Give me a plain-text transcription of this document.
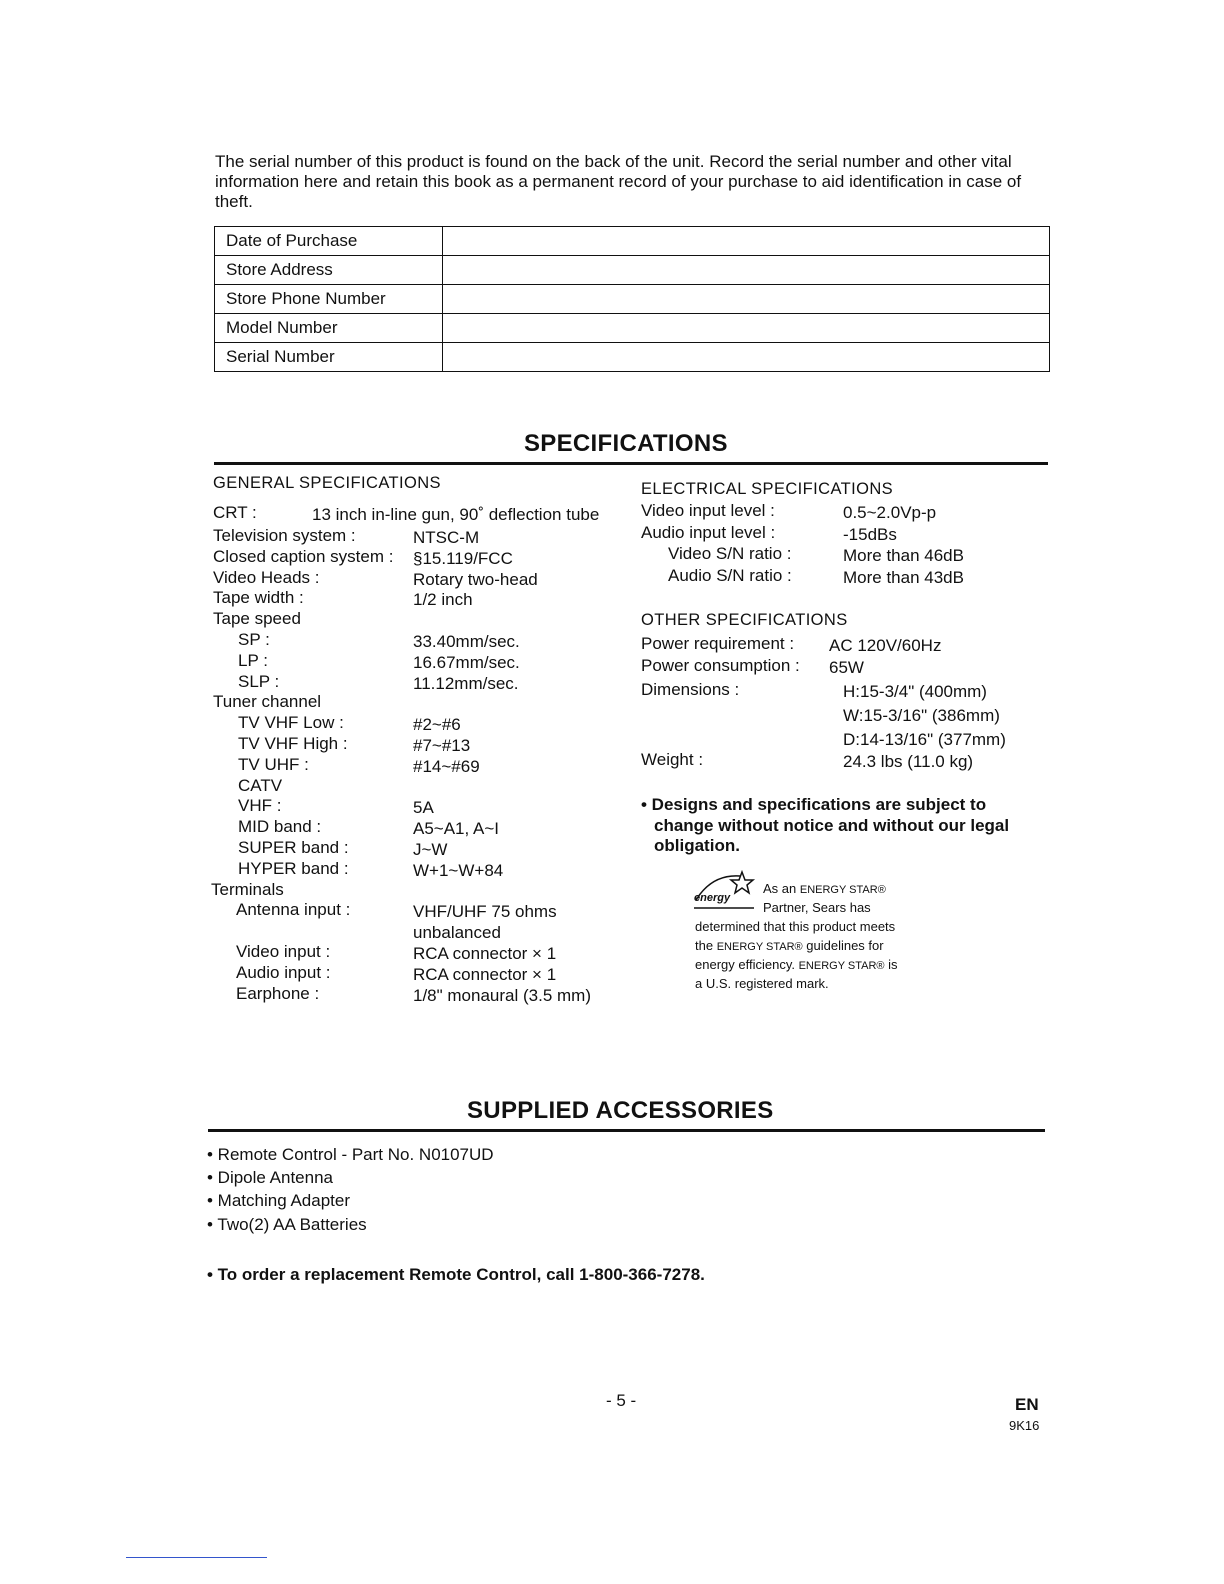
The serial number of this product is found on the back of the unit. Record the serial number and other vital information here and retain this book as a permanent record of your purchase to aid identification in case of theft.
Date of Purchase	
Store Address	
Store Phone Number	
Model Number	
Serial Number	
SPECIFICATIONS
GENERAL SPECIFICATIONS
CRT :	13 inch in-line gun, 90˚ deflection tube
Television system :	NTSC-M
Closed caption system : §15.119/FCC
Video Heads :	Rotary two-head
Tape width :	1/2 inch
Tape speed
SP :	33.40mm/sec.
LP :	16.67mm/sec.
SLP :	11.12mm/sec.
Tuner channel
TV VHF Low :	#2~#6
TV VHF High :	#7~#13
TV UHF :	#14~#69
CATV
VHF :	5A
MID band :	A5~A1, A~I
SUPER band :	J~W
HYPER band :	W+1~W+84
Terminals
Antenna input :	VHF/UHF 75 ohms
unbalanced
Video input :	RCA connector × 1
Audio input :	RCA connector × 1
Earphone :	1/8" monaural (3.5 mm)
ELECTRICAL SPECIFICATIONS
Video input level :	0.5~2.0Vp-p
Audio input level :	-15dBs
Video S/N ratio :	More than 46dB
Audio S/N ratio :	More than 43dB
OTHER SPECIFICATIONS
Power requirement : AC 120V/60Hz
Power consumption : 65W
Dimensions :	H:15-3/4" (400mm)
W:15-3/16" (386mm)
D:14-13/16" (377mm)
Weight :	24.3 lbs (11.0 kg)
• Designs and specifications are subject to
change without notice and without our legal
obligation.
energy
As an ENERGY STAR®
Partner, Sears has
determined that this product meets
the ENERGY STAR® guidelines for
energy efficiency. ENERGY STAR® is
a U.S. registered mark.
SUPPLIED ACCESSORIES
• Remote Control - Part No. N0107UD
• Dipole Antenna
• Matching Adapter
• Two(2) AA Batteries
• To order a replacement Remote Control, call 1-800-366-7278.
- 5 -	EN
9K16
